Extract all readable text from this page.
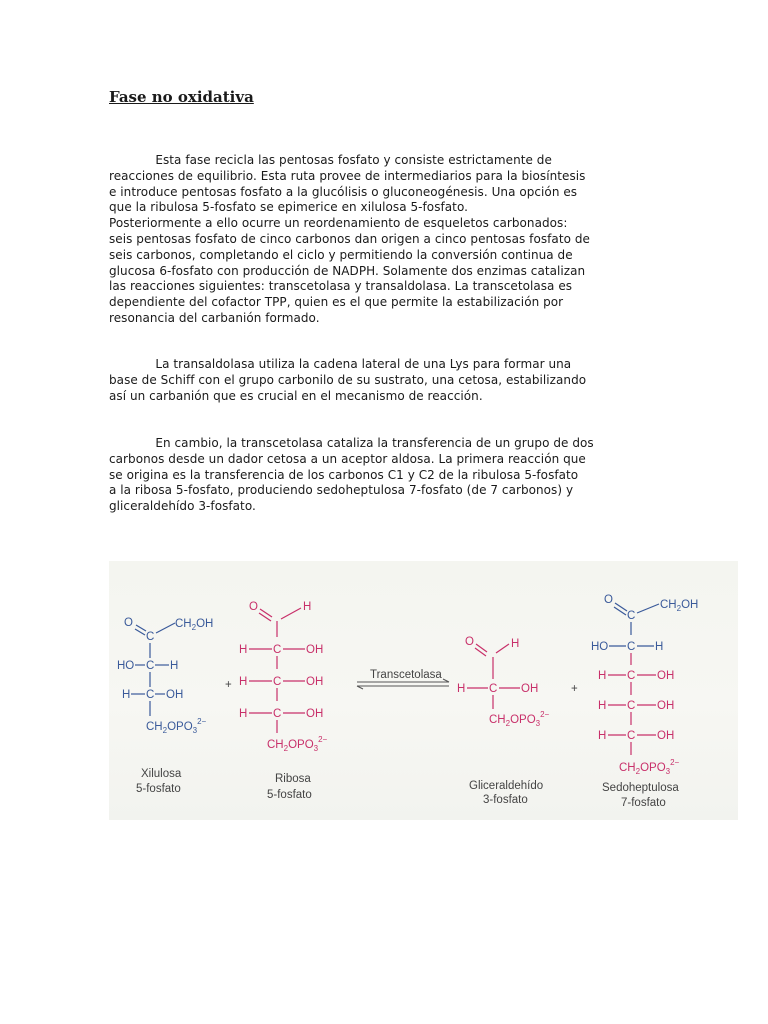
Fase no oxidativa

Esta fase recicla las pentosas fosfato y consiste estrictamente de
reacciones de equilibrio. Esta ruta provee de intermediarios para la biosíntesis
e introduce pentosas fosfato a la glucólisis o gluconeogénesis. Una opción es
que la ribulosa 5-fosfato se epimerice en xilulosa 5-fosfato.
Posteriormente a ello ocurre un reordenamiento de esqueletos carbonados:
seis pentosas fosfato de cinco carbonos dan origen a cinco pentosas fosfato de
seis carbonos, completando el ciclo y permitiendo la conversión continua de
glucosa 6-fosfato con producción de NADPH. Solamente dos enzimas catalizan
las reacciones siguientes: transcetolasa y transaldolasa. La transcetolasa es
dependiente del cofactor TPP, quien es el que permite la estabilización por
resonancia del carbanión formado.

La transaldolasa utiliza la cadena lateral de una Lys para formar una
base de Schiff con el grupo carbonilo de su sustrato, una cetosa, estabilizando
así un carbanión que es crucial en el mecanismo de reacción.

En cambio, la transcetolasa cataliza la transferencia de un grupo de dos
carbonos desde un dador cetosa a un aceptor aldosa. La primera reacción que
se origina es la transferencia de los carbonos C1 y C2 de la ribulosa 5-fosfato
a la ribosa 5-fosfato, produciendo sedoheptulosa 7-fosfato (de 7 carbonos) y
gliceraldehído 3-fosfato.

O
C
$CH_2OH$
HO C H
H C OH
$CH_2OPO_3^{2-}$
+
O	H
H C OH
H C OH
H C OH
$CH_2OPO_3^{2-}$
Transcetolasa
O	H
H C OH
$CH_2OPO_3^{2-}$
+
O
C
$CH_2OH$
HO C H
H C OH
H C OH
H C OH
$CH_2OPO_3^{2-}$
Xilulosa
5-fosfato
Ribosa
5-fosfato
Gliceraldehído
3-fosfato
Sedoheptulosa
7-fosfato
